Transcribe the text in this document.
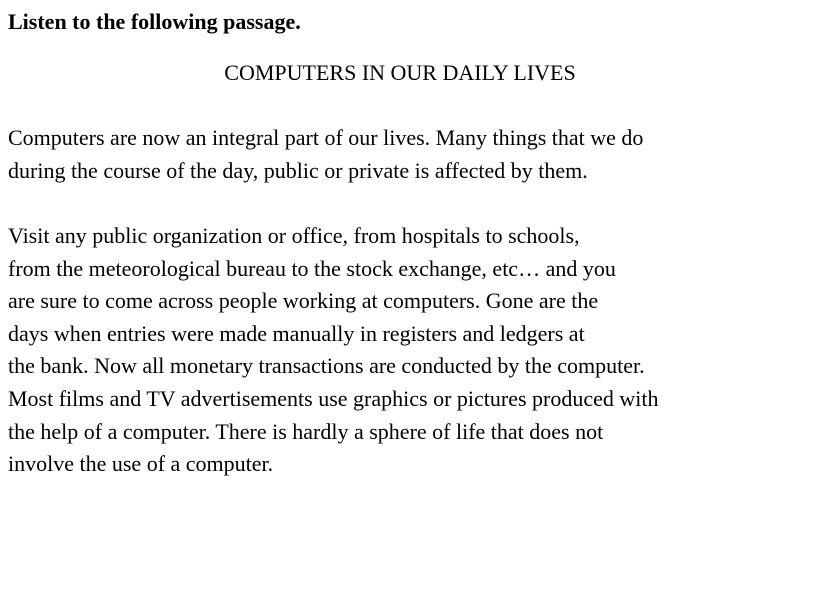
Listen to the following passage.
COMPUTERS IN OUR DAILY LIVES
Computers are now an integral part of our lives. Many things that we do
during the course of the day, public or private is affected by them.
Visit any public organization or office, from hospitals to schools,
from the meteorological bureau to the stock exchange, etc… and you
are sure to come across people working at computers. Gone are the
days when entries were made manually in registers and ledgers at
the bank. Now all monetary transactions are conducted by the computer.
Most films and TV advertisements use graphics or pictures produced with
the help of a computer. There is hardly a sphere of life that does not
involve the use of a computer.
